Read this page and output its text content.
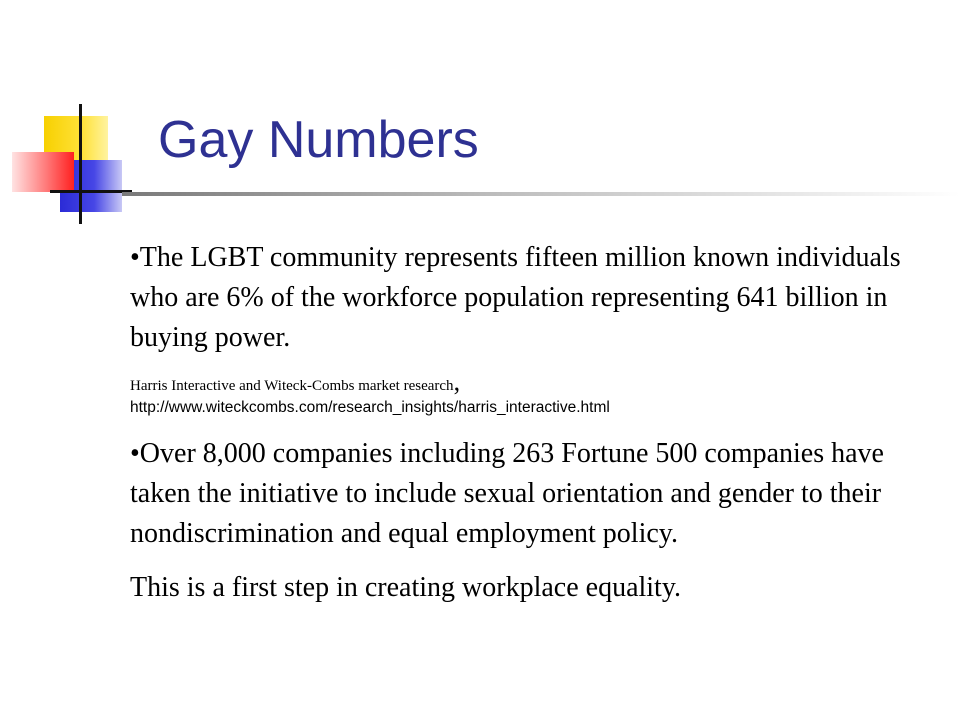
Gay Numbers

•The LGBT community represents fifteen million known individuals who are 6% of the workforce population representing 641 billion in buying power.

Harris Interactive and Witeck-Combs market research,
http://www.witeckcombs.com/research_insights/harris_interactive.html

•Over 8,000 companies including 263 Fortune 500 companies have taken the initiative to include sexual orientation and gender to their nondiscrimination and equal employment policy.

This is a first step in creating workplace equality.
